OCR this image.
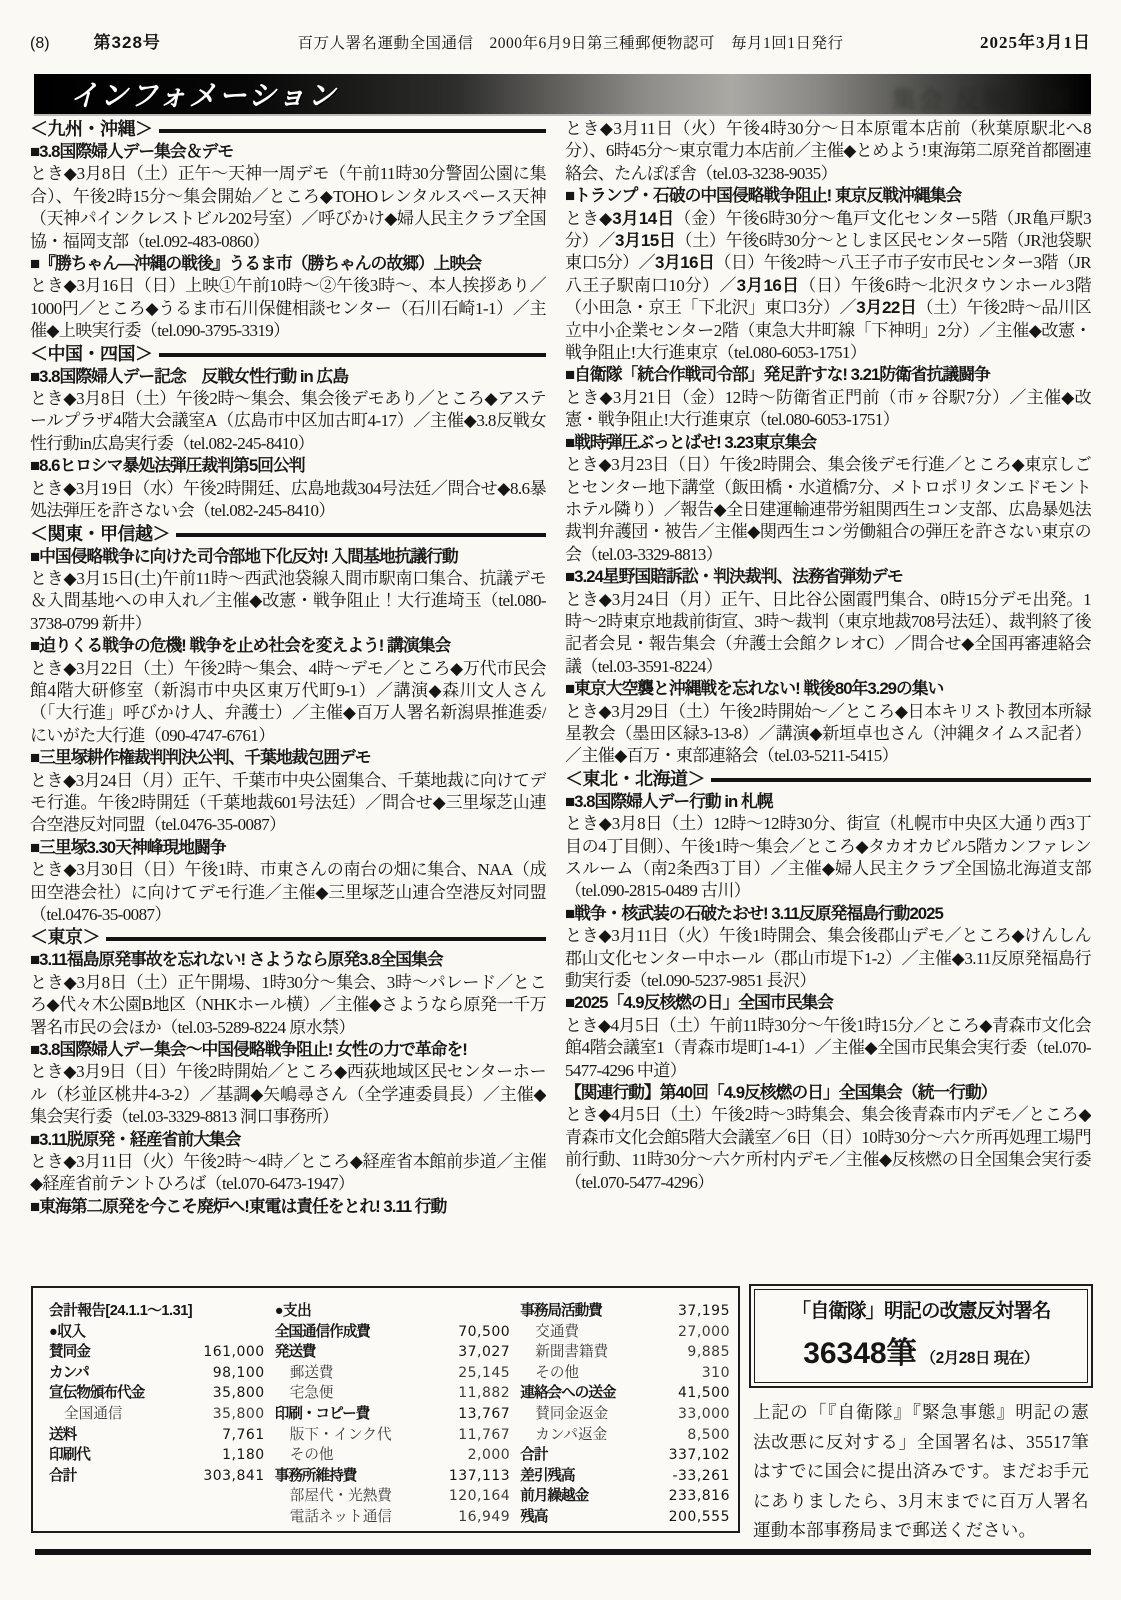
(8)	第328号	百万人署名運動全国通信　2000年6月9日第三種郵便物認可　毎月1回1日発行	2025年3月1日
インフォメーション	集会 反戦 全国
＜九州・沖縄＞
■3.8国際婦人デー集会＆デモ

とき◆3月8日（土）正午～天神一周デモ（午前11時30分警固公園に集合）、午後2時15分～集会開始／ところ◆TOHOレンタルスペース天神（天神パインクレストビル202号室）／呼びかけ◆婦人民主クラブ全国協・福岡支部（tel.092-483-0860）

■『勝ちゃん―沖縄の戦後』うるま市（勝ちゃんの故郷）上映会

とき◆3月16日（日）上映①午前10時～②午後3時～、本人挨拶あり／1000円／ところ◆うるま市石川保健相談センター（石川石崎1-1）／主催◆上映実行委（tel.090-3795-3319）

＜中国・四国＞
■3.8国際婦人デー記念　反戦女性行動 in 広島

とき◆3月8日（土）午後2時～集会、集会後デモあり／ところ◆アステールプラザ4階大会議室A（広島市中区加古町4-17）／主催◆3.8反戦女性行動in広島実行委（tel.082-245-8410）

■8.6ヒロシマ暴処法弾圧裁判第5回公判

とき◆3月19日（水）午後2時開廷、広島地裁304号法廷／問合せ◆8.6暴処法弾圧を許さない会（tel.082-245-8410）

＜関東・甲信越＞
■中国侵略戦争に向けた司令部地下化反対! 入間基地抗議行動

とき◆3月15日(土)午前11時～西武池袋線入間市駅南口集合、抗議デモ＆入間基地への申入れ／主催◆改憲・戦争阻止！大行進埼玉（tel.080-3738-0799 新井）

■迫りくる戦争の危機! 戦争を止め社会を変えよう! 講演集会

とき◆3月22日（土）午後2時～集会、4時～デモ／ところ◆万代市民会館4階大研修室（新潟市中央区東万代町9-1）／講演◆森川文人さん（「大行進」呼びかけ人、弁護士）／主催◆百万人署名新潟県推進委/にいがた大行進（090-4747-6761）

■三里塚耕作権裁判判決公判、千葉地裁包囲デモ

とき◆3月24日（月）正午、千葉市中央公園集合、千葉地裁に向けてデモ行進。午後2時開廷（千葉地裁601号法廷）／問合せ◆三里塚芝山連合空港反対同盟（tel.0476-35-0087）

■三里塚3.30天神峰現地闘争

とき◆3月30日（日）午後1時、市東さんの南台の畑に集合、NAA（成田空港会社）に向けてデモ行進／主催◆三里塚芝山連合空港反対同盟（tel.0476-35-0087）

＜東京＞
■3.11福島原発事故を忘れない! さようなら原発3.8全国集会

とき◆3月8日（土）正午開場、1時30分～集会、3時～パレード／ところ◆代々木公園B地区（NHKホール横）／主催◆さようなら原発一千万署名市民の会ほか（tel.03-5289-8224 原水禁）

■3.8国際婦人デー集会～中国侵略戦争阻止! 女性の力で革命を!

とき◆3月9日（日）午後2時開始／ところ◆西荻地域区民センターホール（杉並区桃井4-3-2）／基調◆矢嶋尋さん（全学連委員長）／主催◆集会実行委（tel.03-3329-8813 洞口事務所）

■3.11脱原発・経産省前大集会

とき◆3月11日（火）午後2時～4時／ところ◆経産省本館前歩道／主催◆経産省前テントひろば（tel.070-6473-1947）

■東海第二原発を今こそ廃炉へ!東電は責任をとれ! 3.11 行動

とき◆3月11日（火）午後4時30分～日本原電本店前（秋葉原駅北へ8分）、6時45分～東京電力本店前／主催◆とめよう!東海第二原発首都圏連絡会、たんぽぽ舎（tel.03-3238-9035）

■トランプ・石破の中国侵略戦争阻止! 東京反戦沖縄集会

とき◆3月14日（金）午後6時30分～亀戸文化センター5階（JR亀戸駅3分）／3月15日（土）午後6時30分～としま区民センター5階（JR池袋駅東口5分）／3月16日（日）午後2時～八王子市子安市民センター3階（JR八王子駅南口10分）／3月16日（日）午後6時～北沢タウンホール3階（小田急・京王「下北沢」東口3分）／3月22日（土）午後2時～品川区立中小企業センター2階（東急大井町線「下神明」2分）／主催◆改憲・戦争阻止!大行進東京（tel.080-6053-1751）

■自衛隊「統合作戦司令部」発足許すな! 3.21防衛省抗議闘争

とき◆3月21日（金）12時～防衛省正門前（市ヶ谷駅7分）／主催◆改憲・戦争阻止!大行進東京（tel.080-6053-1751）

■戦時弾圧ぶっとばせ! 3.23東京集会

とき◆3月23日（日）午後2時開会、集会後デモ行進／ところ◆東京しごとセンター地下講堂（飯田橋・水道橋7分、メトロポリタンエドモントホテル隣り）／報告◆全日建運輸連帯労組関西生コン支部、広島暴処法裁判弁護団・被告／主催◆関西生コン労働組合の弾圧を許さない東京の会（tel.03-3329-8813）

■3.24星野国賠訴訟・判決裁判、法務省弾劾デモ

とき◆3月24日（月）正午、日比谷公園霞門集合、0時15分デモ出発。1時～2時東京地裁前街宣、3時～裁判（東京地裁708号法廷）、裁判終了後記者会見・報告集会（弁護士会館クレオC）／問合せ◆全国再審連絡会議（tel.03-3591-8224）

■東京大空襲と沖縄戦を忘れない! 戦後80年3.29の集い

とき◆3月29日（土）午後2時開始～／ところ◆日本キリスト教団本所緑星教会（墨田区緑3-13-8）／講演◆新垣卓也さん（沖縄タイムス記者）／主催◆百万・東部連絡会（tel.03-5211-5415）

＜東北・北海道＞
■3.8国際婦人デー行動 in 札幌

とき◆3月8日（土）12時～12時30分、街宣（札幌市中央区大通り西3丁目の4丁目側）、午後1時～集会／ところ◆タカオカビル5階カンファレンスルーム（南2条西3丁目）／主催◆婦人民主クラブ全国協北海道支部（tel.090-2815-0489 古川）

■戦争・核武装の石破たおせ! 3.11反原発福島行動2025

とき◆3月11日（火）午後1時開会、集会後郡山デモ／ところ◆けんしん郡山文化センター中ホール（郡山市堤下1-2）／主催◆3.11反原発福島行動実行委（tel.090-5237-9851 長沢）

■2025「4.9反核燃の日」全国市民集会

とき◆4月5日（土）午前11時30分～午後1時15分／ところ◆青森市文化会館4階会議室1（青森市堤町1-4-1）／主催◆全国市民集会実行委（tel.070-5477-4296 中道）

【関連行動】第40回「4.9反核燃の日」全国集会（統一行動）

とき◆4月5日（土）午後2時～3時集会、集会後青森市内デモ／ところ◆青森市文化会館5階大会議室／6日（日）10時30分～六ケ所再処理工場門前行動、11時30分～六ケ所村内デモ／主催◆反核燃の日全国集会実行委（tel.070-5477-4296）

会計報告[24.1.1～1.31]
●収入
賛同金	161,000
カンパ	98,100
宣伝物頒布代金	35,800
全国通信	35,800
送料	7,761
印刷代	1,180
合計	303,841
●支出
全国通信作成費	70,500
発送費	37,027
郵送費	25,145
宅急便	11,882
印刷・コピー費	13,767
版下・インク代	11,767
その他	2,000
事務所維持費	137,113
部屋代・光熱費	120,164
電話ネット通信	16,949
事務局活動費	37,195
交通費	27,000
新聞書籍費	9,885
その他	310
連絡会への送金	41,500
賛同金返金	33,000
カンパ返金	8,500
合計	337,102
差引残高	-33,261
前月繰越金	233,816
残高	200,555
「自衛隊」明記の改憲反対署名
36348筆 （2月28日 現在）

上記の「『自衛隊』『緊急事態』明記の憲法改悪に反対する」全国署名は、35517筆はすでに国会に提出済みです。まだお手元にありましたら、3月末までに百万人署名運動本部事務局まで郵送ください。
